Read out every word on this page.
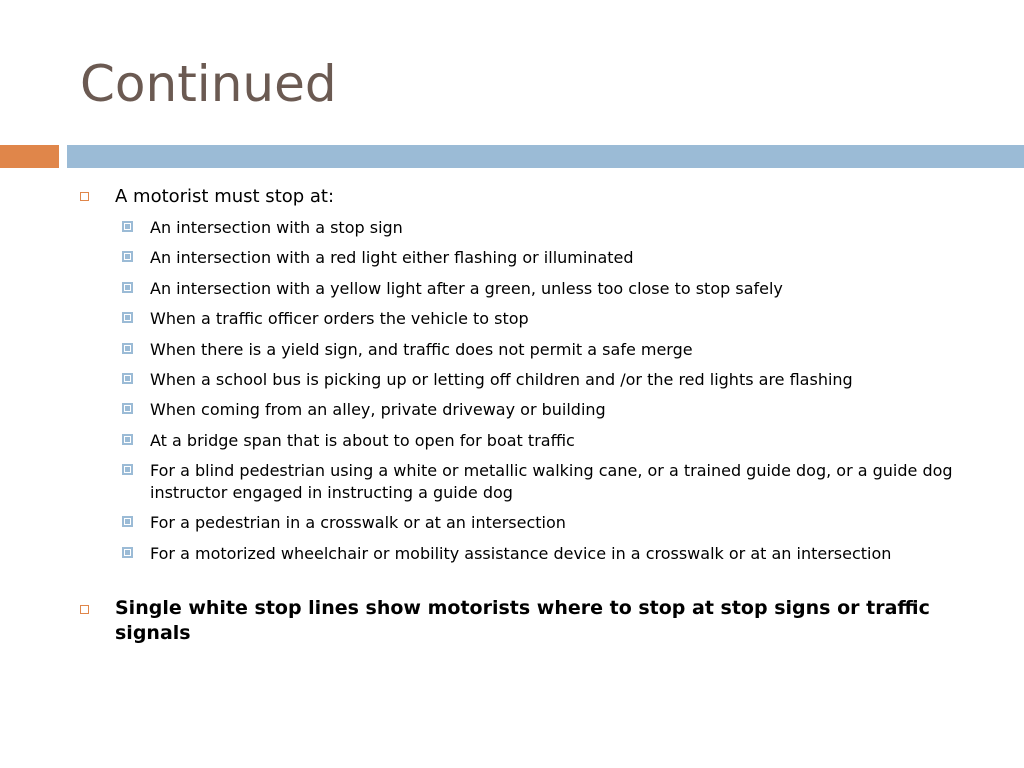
Continued
A motorist must stop at:
An intersection with a stop sign
An intersection with a red light either flashing or illuminated
An intersection with a yellow light after a green, unless too close to stop safely
When a traffic officer orders the vehicle to stop
When there is a yield sign, and traffic does not permit a safe merge
When a school bus is picking up or letting off children and /or the red lights are flashing
When coming from an alley, private driveway or building
At a bridge span that is about to open for boat traffic
For a blind pedestrian using a white or metallic walking cane, or a trained guide dog, or a guide dog instructor engaged in instructing a guide dog
For a pedestrian in a crosswalk or at an intersection
For a motorized wheelchair or mobility assistance device in a crosswalk or at an intersection
Single white stop lines show motorists where to stop at stop signs or traffic signals
